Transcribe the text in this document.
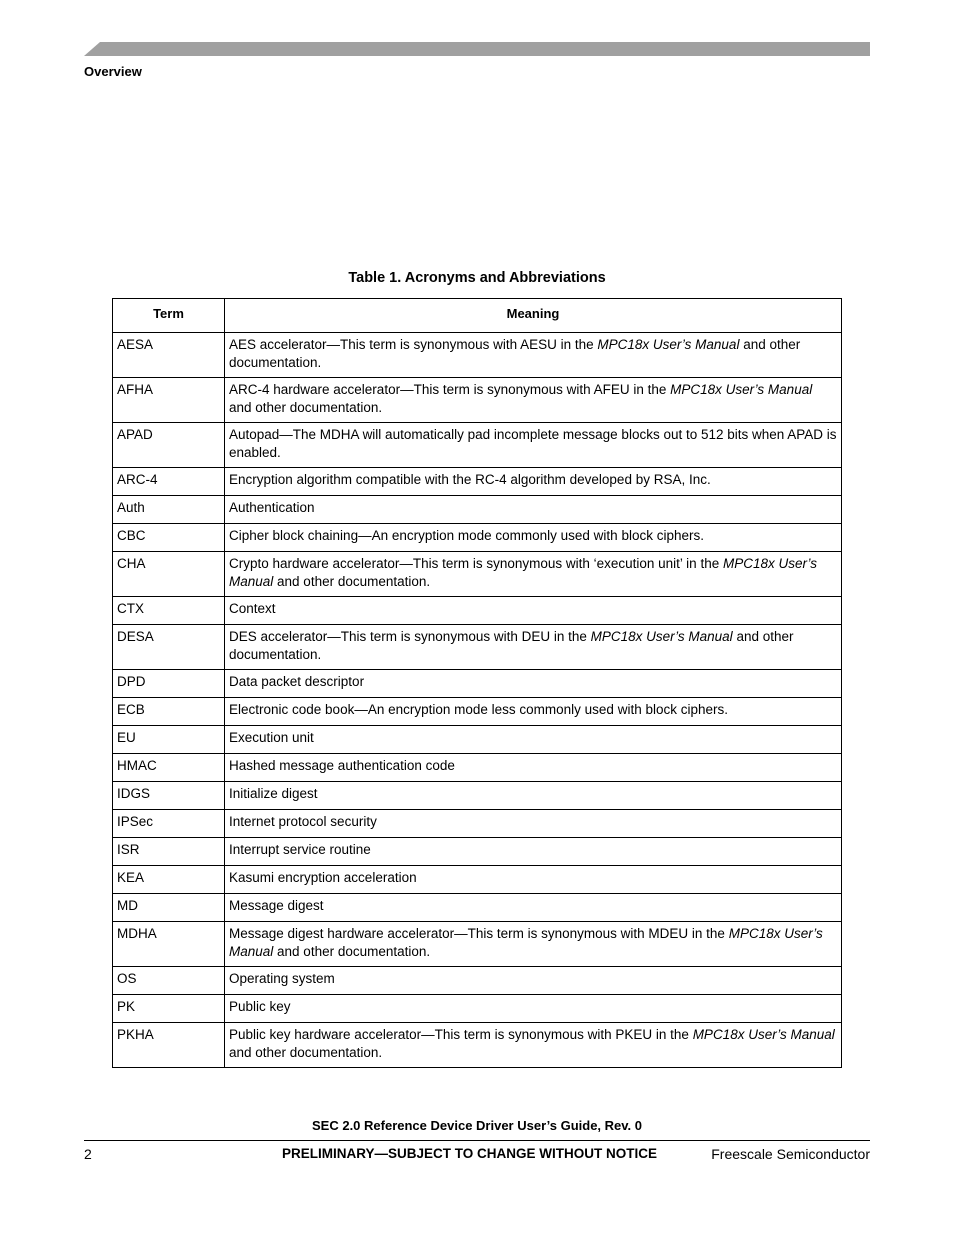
Overview
Table 1. Acronyms and Abbreviations
Term	Meaning
AESA	AES accelerator—This term is synonymous with AESU in the MPC18x User’s Manual and other documentation.
AFHA	ARC-4 hardware accelerator—This term is synonymous with AFEU in the MPC18x User’s Manual and other documentation.
APAD	Autopad—The MDHA will automatically pad incomplete message blocks out to 512 bits when APAD is enabled.
ARC-4	Encryption algorithm compatible with the RC-4 algorithm developed by RSA, Inc.
Auth	Authentication
CBC	Cipher block chaining—An encryption mode commonly used with block ciphers.
CHA	Crypto hardware accelerator—This term is synonymous with ‘execution unit’ in the MPC18x User’s Manual and other documentation.
CTX	Context
DESA	DES accelerator—This term is synonymous with DEU in the MPC18x User’s Manual and other documentation.
DPD	Data packet descriptor
ECB	Electronic code book—An encryption mode less commonly used with block ciphers.
EU	Execution unit
HMAC	Hashed message authentication code
IDGS	Initialize digest
IPSec	Internet protocol security
ISR	Interrupt service routine
KEA	Kasumi encryption acceleration
MD	Message digest
MDHA	Message digest hardware accelerator—This term is synonymous with MDEU in the MPC18x User’s Manual and other documentation.
OS	Operating system
PK	Public key
PKHA	Public key hardware accelerator—This term is synonymous with PKEU in the MPC18x User’s Manual and other documentation.
SEC 2.0 Reference Device Driver User’s Guide, Rev. 0
2	PRELIMINARY—SUBJECT TO CHANGE WITHOUT NOTICE	Freescale Semiconductor
